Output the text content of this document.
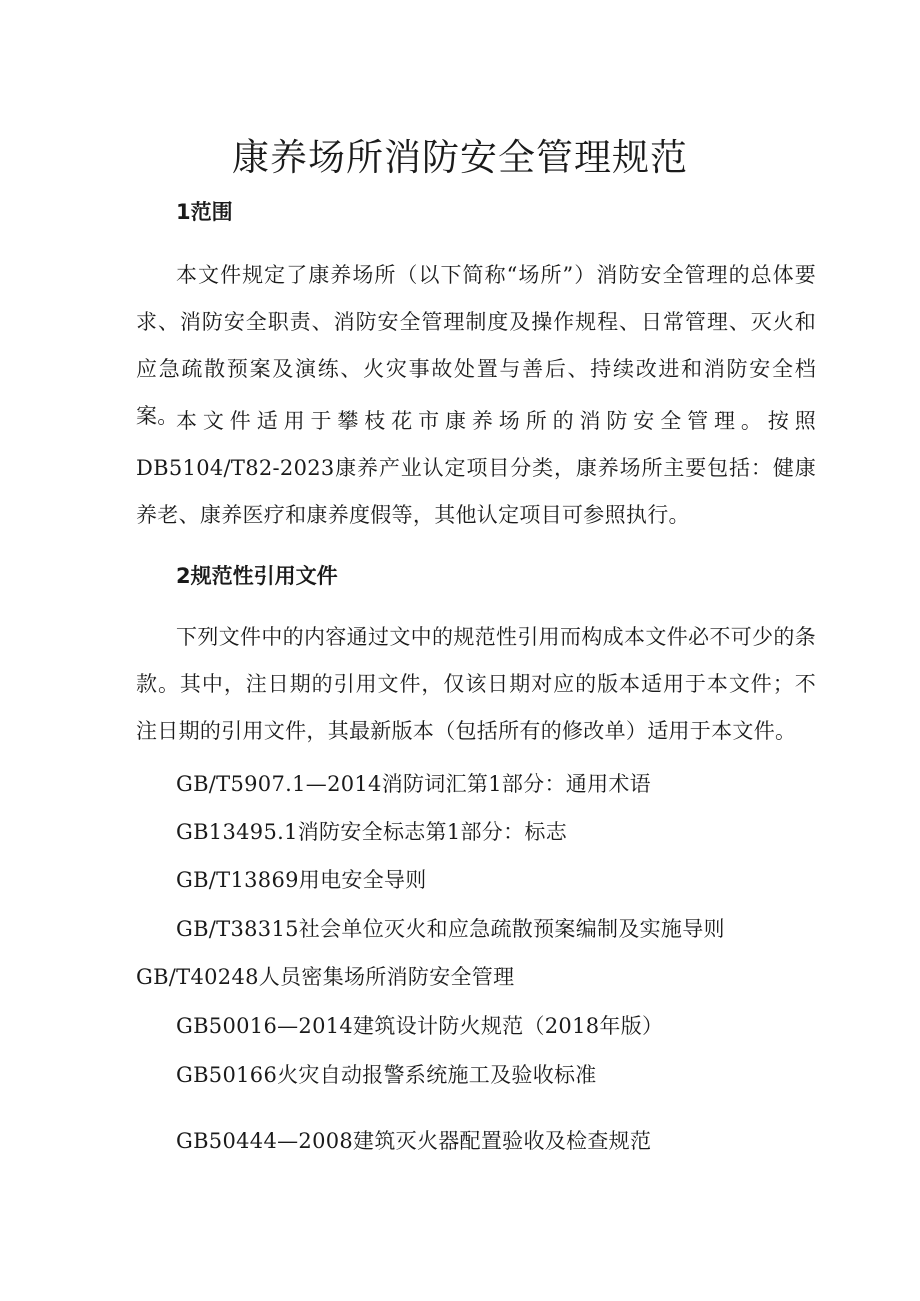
康养场所消防安全管理规范
1范围

本文件规定了康养场所（以下简称“场所”）消防安全管理的总体要求、消防安全职责、消防安全管理制度及操作规程、日常管理、灭火和应急疏散预案及演练、火灾事故处置与善后、持续改进和消防安全档案。

本文件适用于攀枝花市康养场所的消防安全管理。按照DB5104/T82-2023康养产业认定项目分类，康养场所主要包括：健康养老、康养医疗和康养度假等，其他认定项目可参照执行。

2规范性引用文件

下列文件中的内容通过文中的规范性引用而构成本文件必不可少的条款。其中，注日期的引用文件，仅该日期对应的版本适用于本文件；不注日期的引用文件，其最新版本（包括所有的修改单）适用于本文件。

GB/T5907.1—2014消防词汇第1部分：通用术语

GB13495.1消防安全标志第1部分：标志

GB/T13869用电安全导则

GB/T38315社会单位灭火和应急疏散预案编制及实施导则GB/T40248人员密集场所消防安全管理

GB50016—2014建筑设计防火规范（2018年版）

GB50166火灾自动报警系统施工及验收标准

GB50444—2008建筑灭火器配置验收及检查规范
